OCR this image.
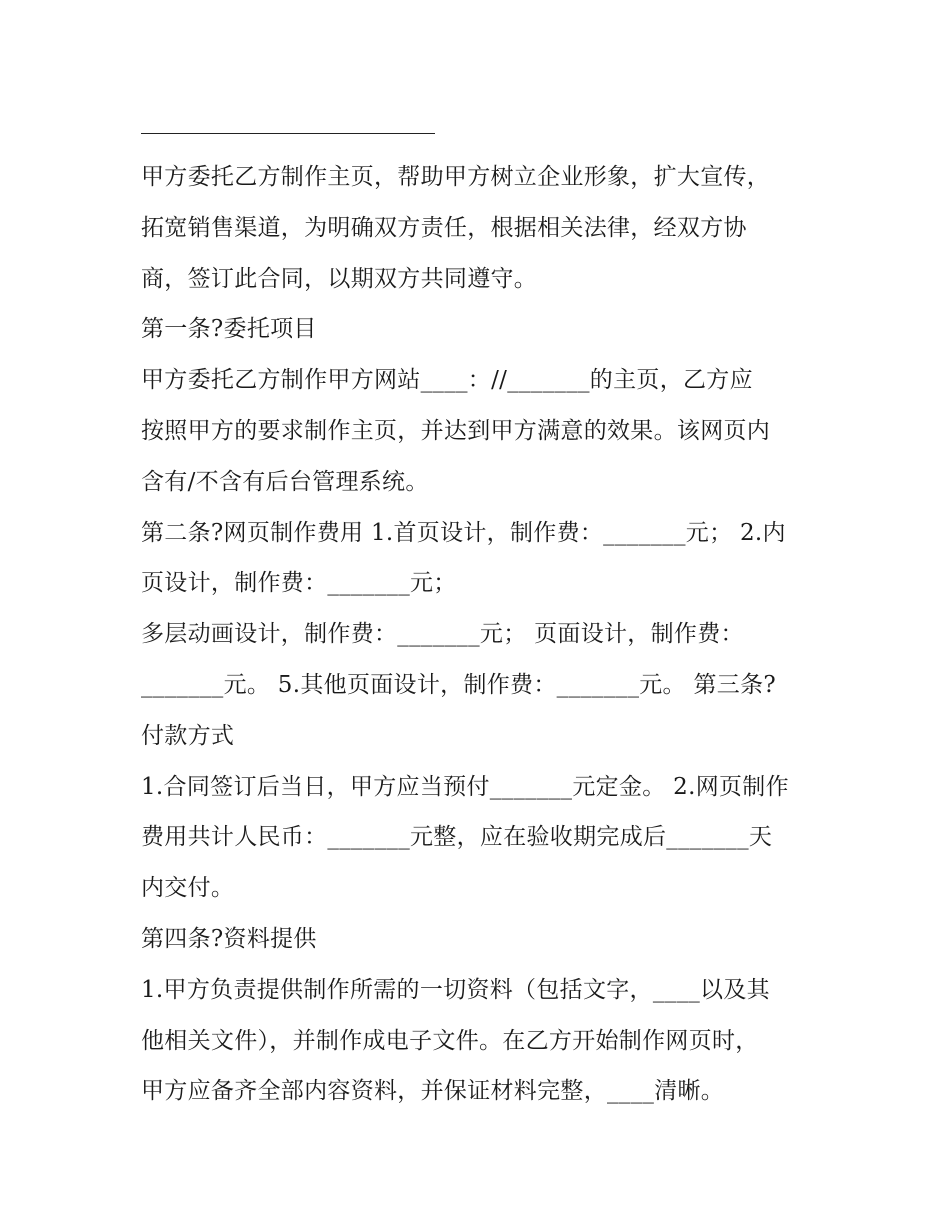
甲方委托乙方制作主页，帮助甲方树立企业形象，扩大宣传，
拓宽销售渠道，为明确双方责任，根据相关法律，经双方协
商，签订此合同，以期双方共同遵守。
第一条?委托项目
甲方委托乙方制作甲方网站____：//_______的主页，乙方应
按照甲方的要求制作主页，并达到甲方满意的效果。该网页内
含有/不含有后台管理系统。
第二条?网页制作费用 1.首页设计，制作费：_______元； 2.内
页设计，制作费：_______元；
多层动画设计，制作费：_______元； 页面设计，制作费：
_______元。 5.其他页面设计，制作费：_______元。 第三条?
付款方式
1.合同签订后当日，甲方应当预付_______元定金。 2.网页制作
费用共计人民币：_______元整，应在验收期完成后_______天
内交付。
第四条?资料提供
1.甲方负责提供制作所需的一切资料（包括文字，____以及其
他相关文件），并制作成电子文件。在乙方开始制作网页时，
甲方应备齐全部内容资料，并保证材料完整，____清晰。
